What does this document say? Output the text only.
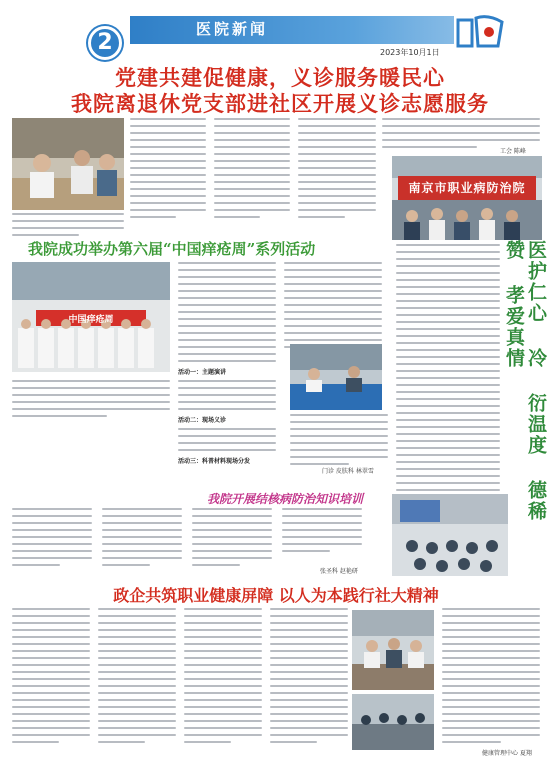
2
医院新闻
2023年10月1日
党建共建促健康，义诊服务暖民心
我院离退休党支部进社区开展义诊志愿服务
工会 陈峰
南京市职业病防治院
我院成功举办第六届“中国痒疮周”系列活动	医护仁心 冷 衍温度 德稀赞 孝爱真情
中国痒疮周
活动一：主题演讲
活动二：现场义诊
活动三：科普材料现场分发
门诊 皮肤科 林翠雪
我院开展结核病防治知识培训
张圣科 赵艳研
政企共筑职业健康屏障 以人为本践行社大精神
健康管理中心 夏翔
